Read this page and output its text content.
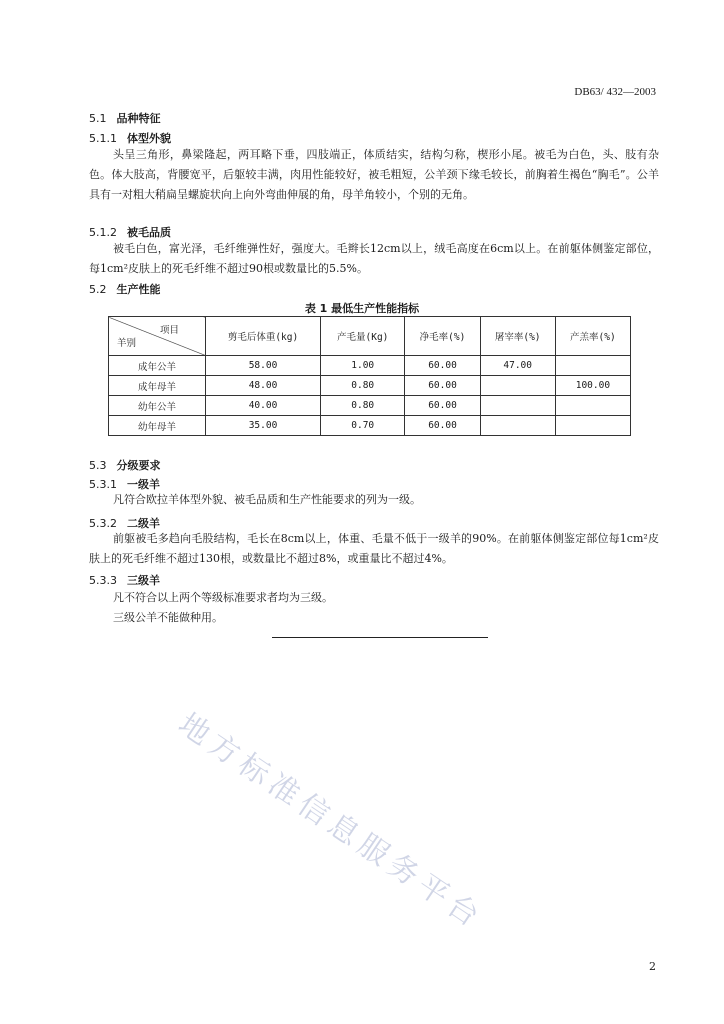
DB63/ 432—2003
5.1 品种特征
5.1.1 体型外貌
头呈三角形，鼻梁隆起，两耳略下垂，四肢端正，体质结实，结构匀称，楔形小尾。被毛为白色，头、肢有杂色。体大肢高，背腰宽平，后躯较丰满，肉用性能较好，被毛粗短，公羊颈下缘毛较长，前胸着生褐色“胸毛”。公羊具有一对粗大稍扁呈螺旋状向上向外弯曲伸展的角，母羊角较小，个别的无角。
5.1.2 被毛品质
被毛白色，富光泽，毛纤维弹性好，强度大。毛辫长12cm以上，绒毛高度在6cm以上。在前躯体侧鉴定部位，每1cm²皮肤上的死毛纤维不超过90根或数量比的5.5%。
5.2 生产性能
表 1 最低生产性能指标
项目
羊别	剪毛后体重(kg)	产毛量(Kg)	净毛率(%)	屠宰率(%)	产羔率(%)
成年公羊	58.00	1.00	60.00	47.00	
成年母羊	48.00	0.80	60.00		100.00
幼年公羊	40.00	0.80	60.00		
幼年母羊	35.00	0.70	60.00		
5.3 分级要求
5.3.1 一级羊
凡符合欧拉羊体型外貌、被毛品质和生产性能要求的列为一级。
5.3.2 二级羊
前躯被毛多趋向毛股结构，毛长在8cm以上，体重、毛量不低于一级羊的90%。在前躯体侧鉴定部位每1cm²皮肤上的死毛纤维不超过130根，或数量比不超过8%，或重量比不超过4%。
5.3.3 三级羊
凡不符合以上两个等级标准要求者均为三级。
三级公羊不能做种用。
地方标准信息服务平台
2
